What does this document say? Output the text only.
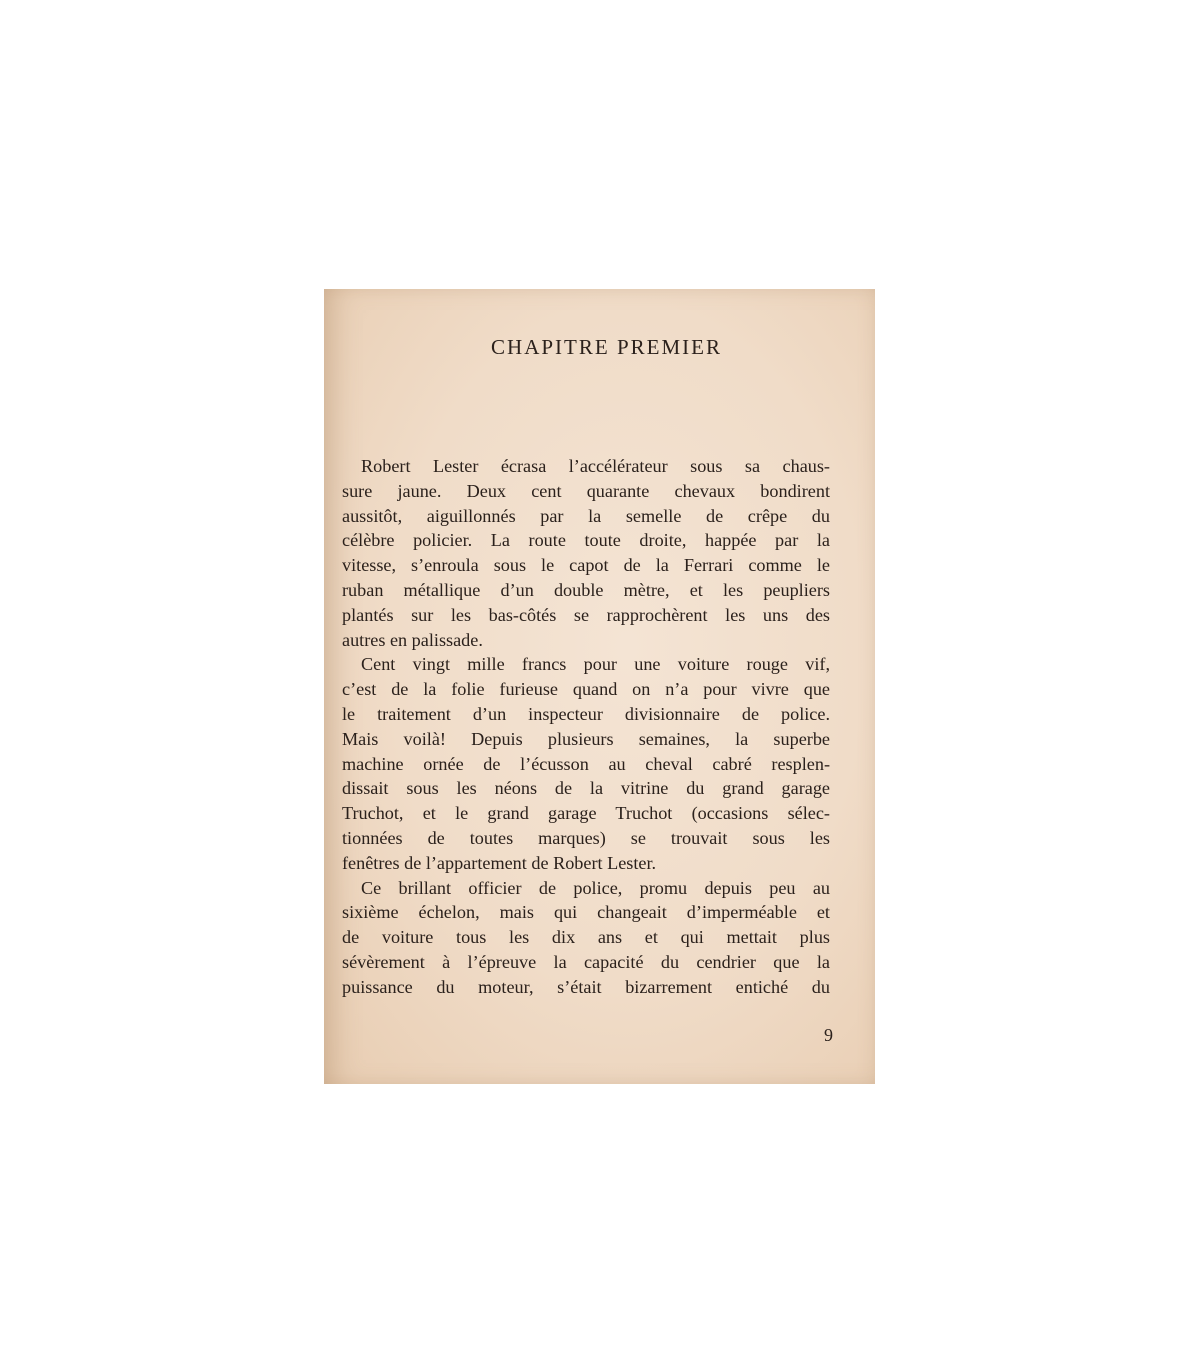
CHAPITRE PREMIER
Robert Lester écrasa l’accélérateur sous sa chaus-
sure jaune. Deux cent quarante chevaux bondirent
aussitôt, aiguillonnés par la semelle de crêpe du
célèbre policier. La route toute droite, happée par la
vitesse, s’enroula sous le capot de la Ferrari comme le
ruban métallique d’un double mètre, et les peupliers
plantés sur les bas-côtés se rapprochèrent les uns des
autres en palissade.
Cent vingt mille francs pour une voiture rouge vif,
c’est de la folie furieuse quand on n’a pour vivre que
le traitement d’un inspecteur divisionnaire de police.
Mais voilà! Depuis plusieurs semaines, la superbe
machine ornée de l’écusson au cheval cabré resplen-
dissait sous les néons de la vitrine du grand garage
Truchot, et le grand garage Truchot (occasions sélec-
tionnées de toutes marques) se trouvait sous les
fenêtres de l’appartement de Robert Lester.
Ce brillant officier de police, promu depuis peu au
sixième échelon, mais qui changeait d’imperméable et
de voiture tous les dix ans et qui mettait plus
sévèrement à l’épreuve la capacité du cendrier que la
puissance du moteur, s’était bizarrement entiché du
9
